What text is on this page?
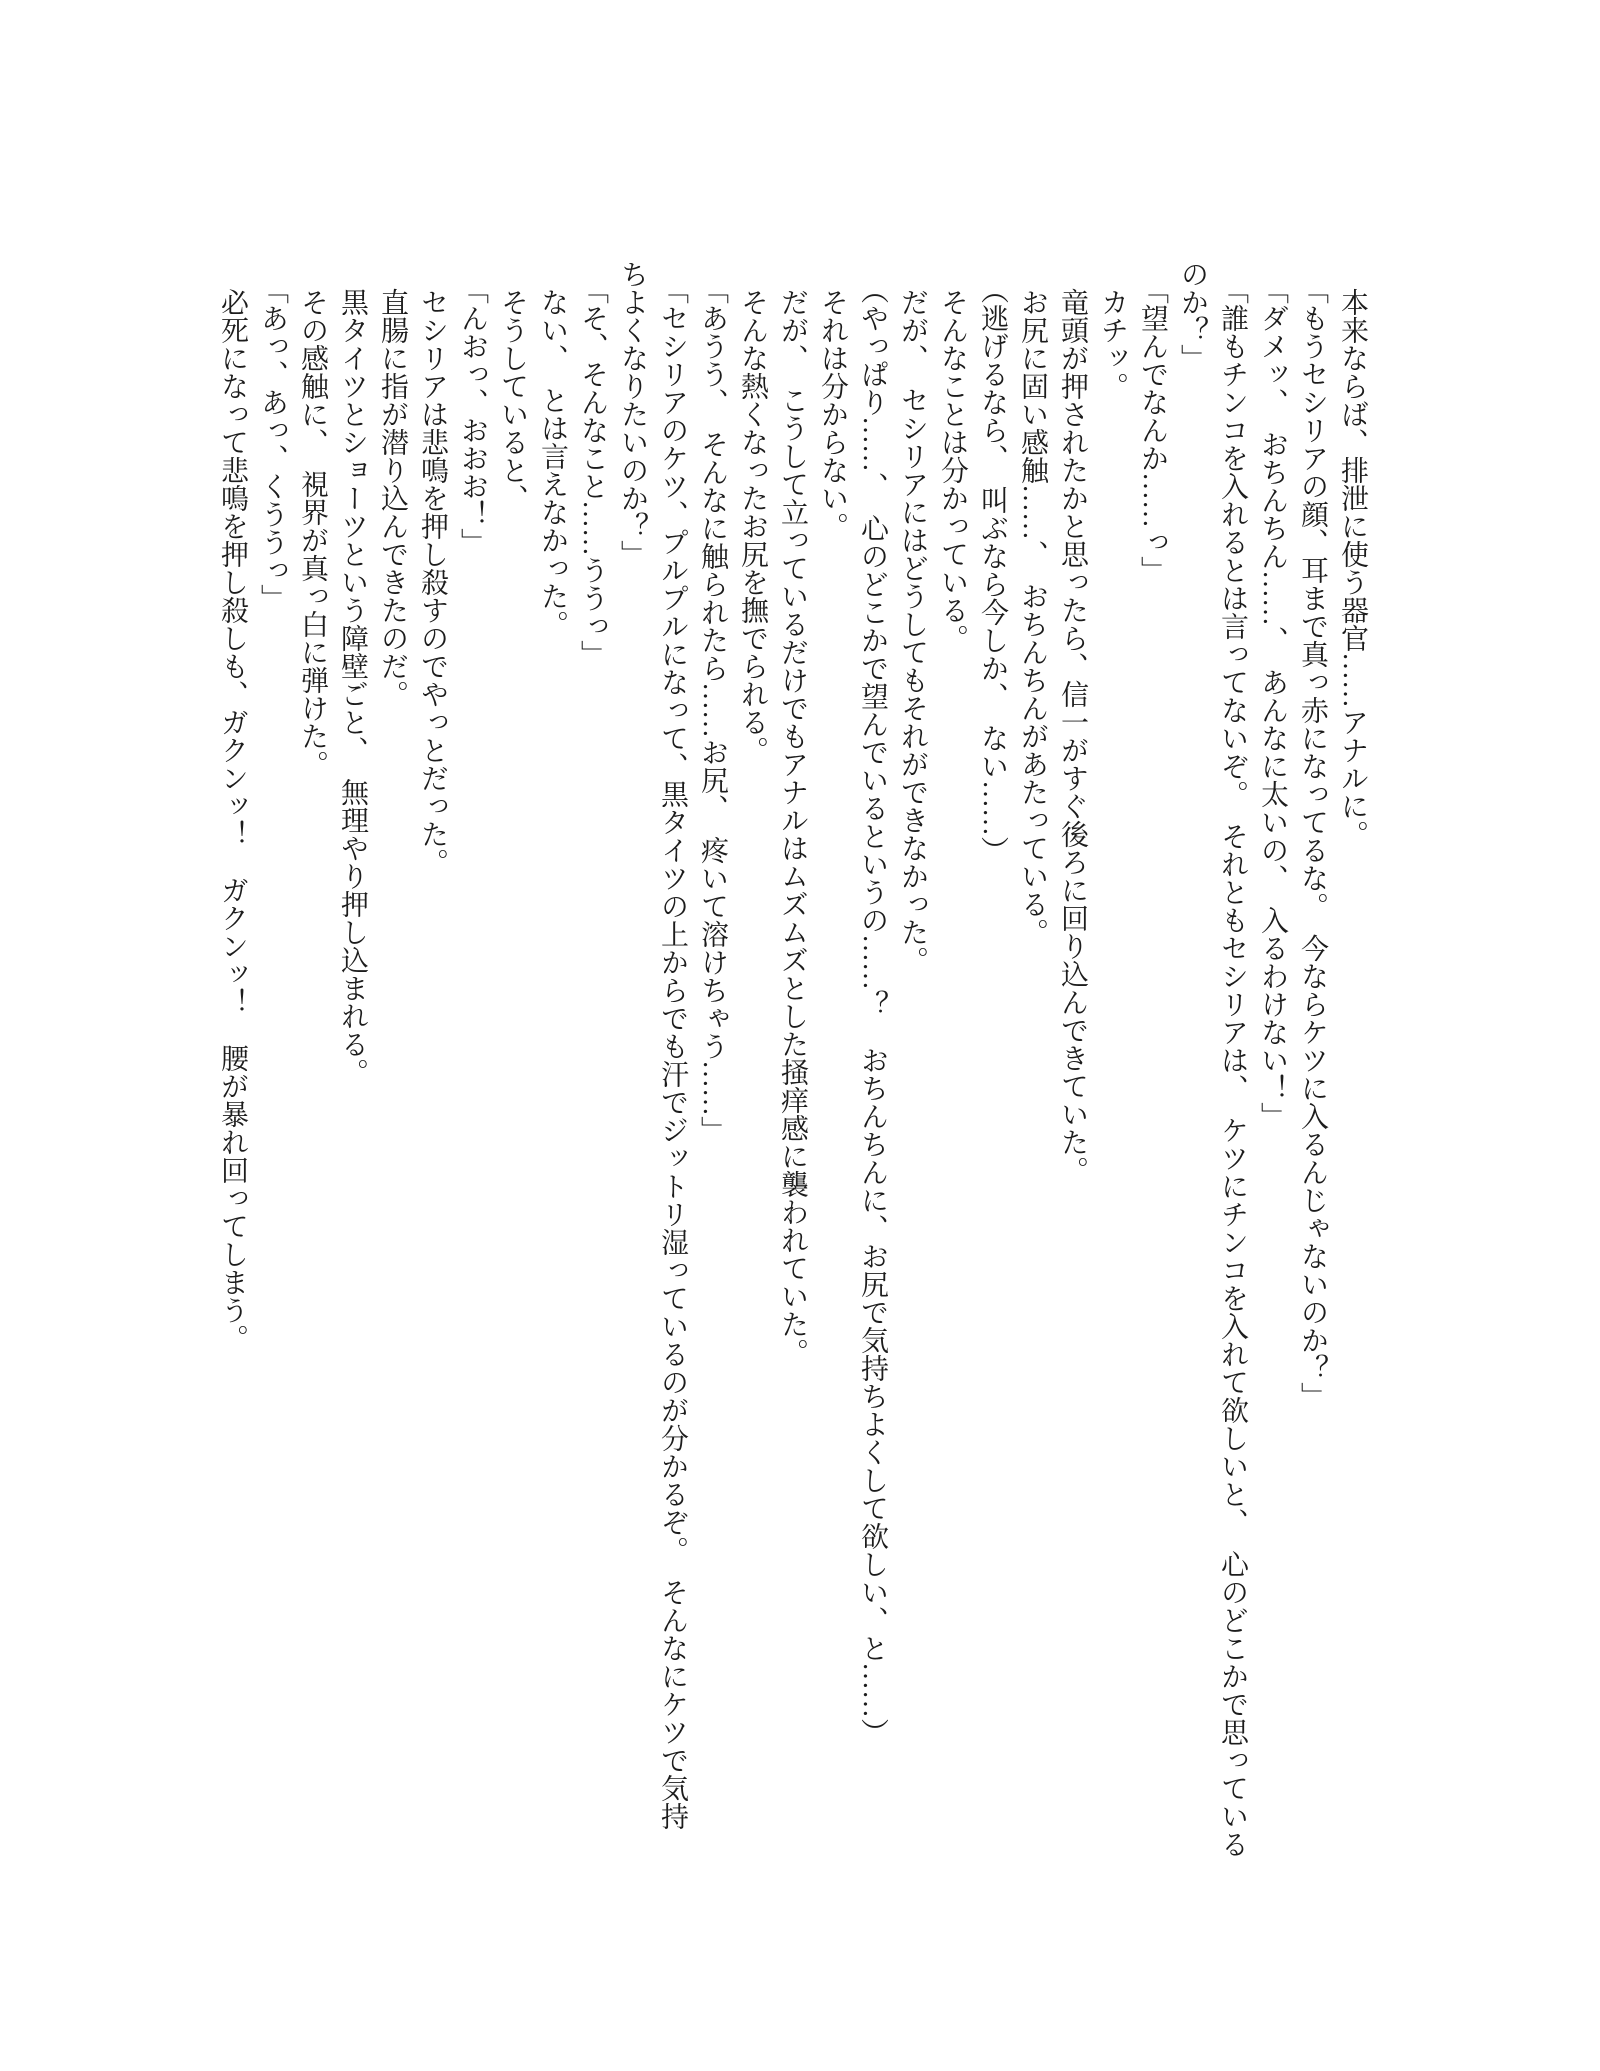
本来ならば、排泄に使う器官……アナルに。

「もうセシリアの顔、耳まで真っ赤になってるな。　今ならケツに入るんじゃないのか？」

「ダメッ、　おちんちん……、　あんなに太いの、　入るわけない！」

「誰もチンコを入れるとは言ってないぞ。　それともセシリアは、　ケツにチンコを入れて欲しいと、　心のどこかで思っている

のか？」

「望んでなんか……っ」

カチッ。

竜頭が押されたかと思ったら、信一がすぐ後ろに回り込んできていた。

お尻に固い感触……、　おちんちんがあたっている。

（逃げるなら、　叫ぶなら今しか、　ない……）

そんなことは分かっている。

だが、　セシリアにはどうしてもそれができなかった。

（やっぱり……、　心のどこかで望んでいるというの……？　おちんちんに、お尻で気持ちよくして欲しい、と……）

それは分からない。

だが、　こうして立っているだけでもアナルはムズムズとした掻痒感に襲われていた。

そんな熱くなったお尻を撫でられる。

「あうう、　そんなに触られたら……お尻、　疼いて溶けちゃう……」

「セシリアのケツ、プルプルになって、黒タイツの上からでも汗でジットリ湿っているのが分かるぞ。　そんなにケツで気持

ちよくなりたいのか？」

「そ、そんなこと……ううっ」

ない、　とは言えなかった。

そうしていると、

「んおっ、おおお！」

セシリアは悲鳴を押し殺すのでやっとだった。

直腸に指が潜り込んできたのだ。

黒タイツとショーツという障壁ごと、　無理やり押し込まれる。

その感触に、　視界が真っ白に弾けた。

「あっ、あっ、くううっ」

必死になって悲鳴を押し殺しも、ガクンッ！　ガクンッ！　腰が暴れ回ってしまう。
